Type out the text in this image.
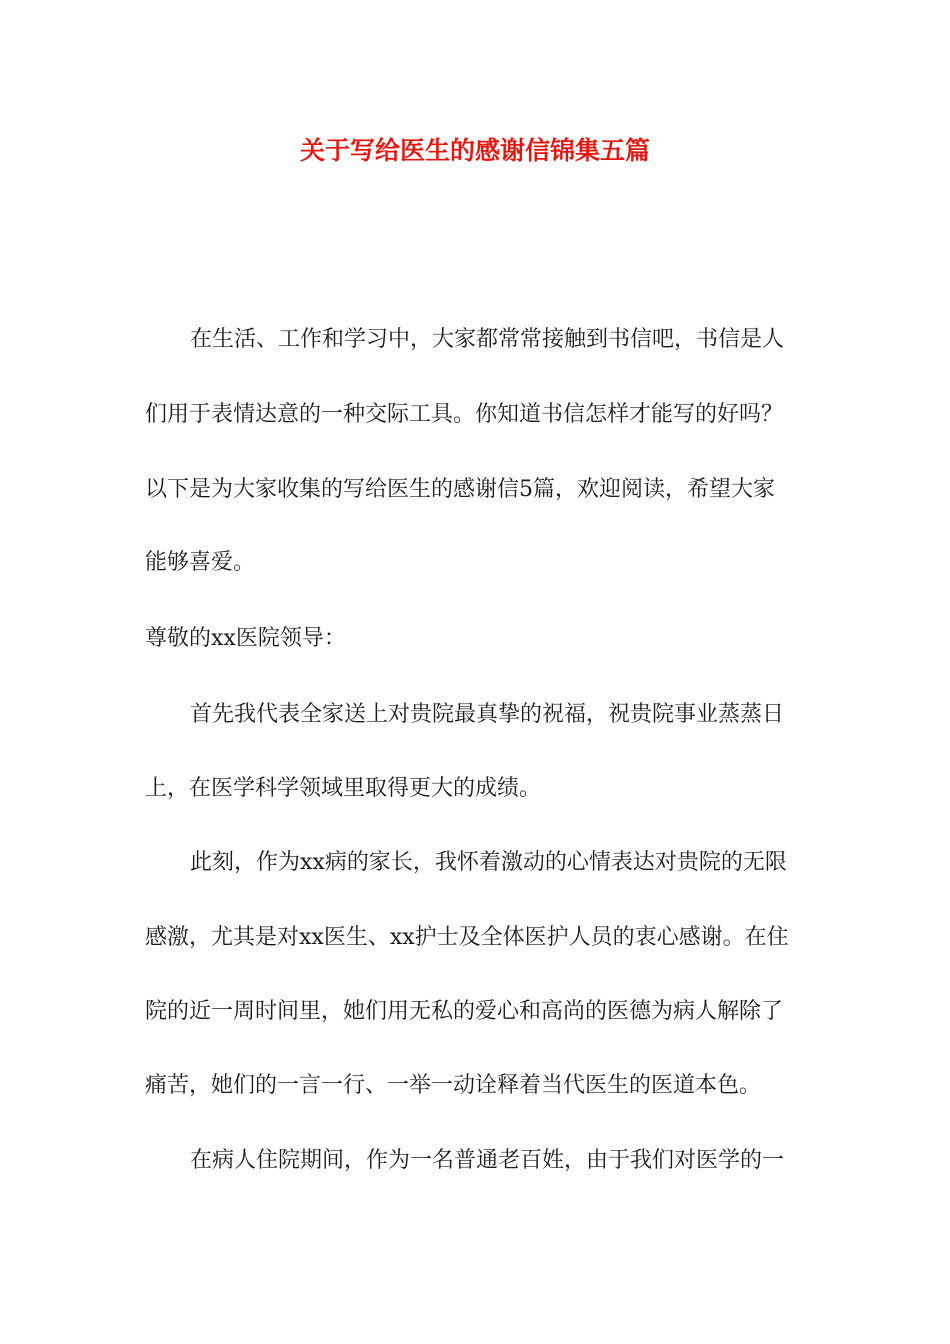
关于写给医生的感谢信锦集五篇

在生活、工作和学习中，大家都常常接触到书信吧，书信是人

们用于表情达意的一种交际工具。你知道书信怎样才能写的好吗？

以下是为大家收集的写给医生的感谢信5篇，欢迎阅读，希望大家

能够喜爱。

尊敬的xx医院领导：

首先我代表全家送上对贵院最真挚的祝福，祝贵院事业蒸蒸日

上，在医学科学领域里取得更大的成绩。

此刻，作为xx病的家长，我怀着激动的心情表达对贵院的无限

感激，尤其是对xx医生、xx护士及全体医护人员的衷心感谢。在住

院的近一周时间里，她们用无私的爱心和高尚的医德为病人解除了

痛苦，她们的一言一行、一举一动诠释着当代医生的医道本色。

在病人住院期间，作为一名普通老百姓，由于我们对医学的一
